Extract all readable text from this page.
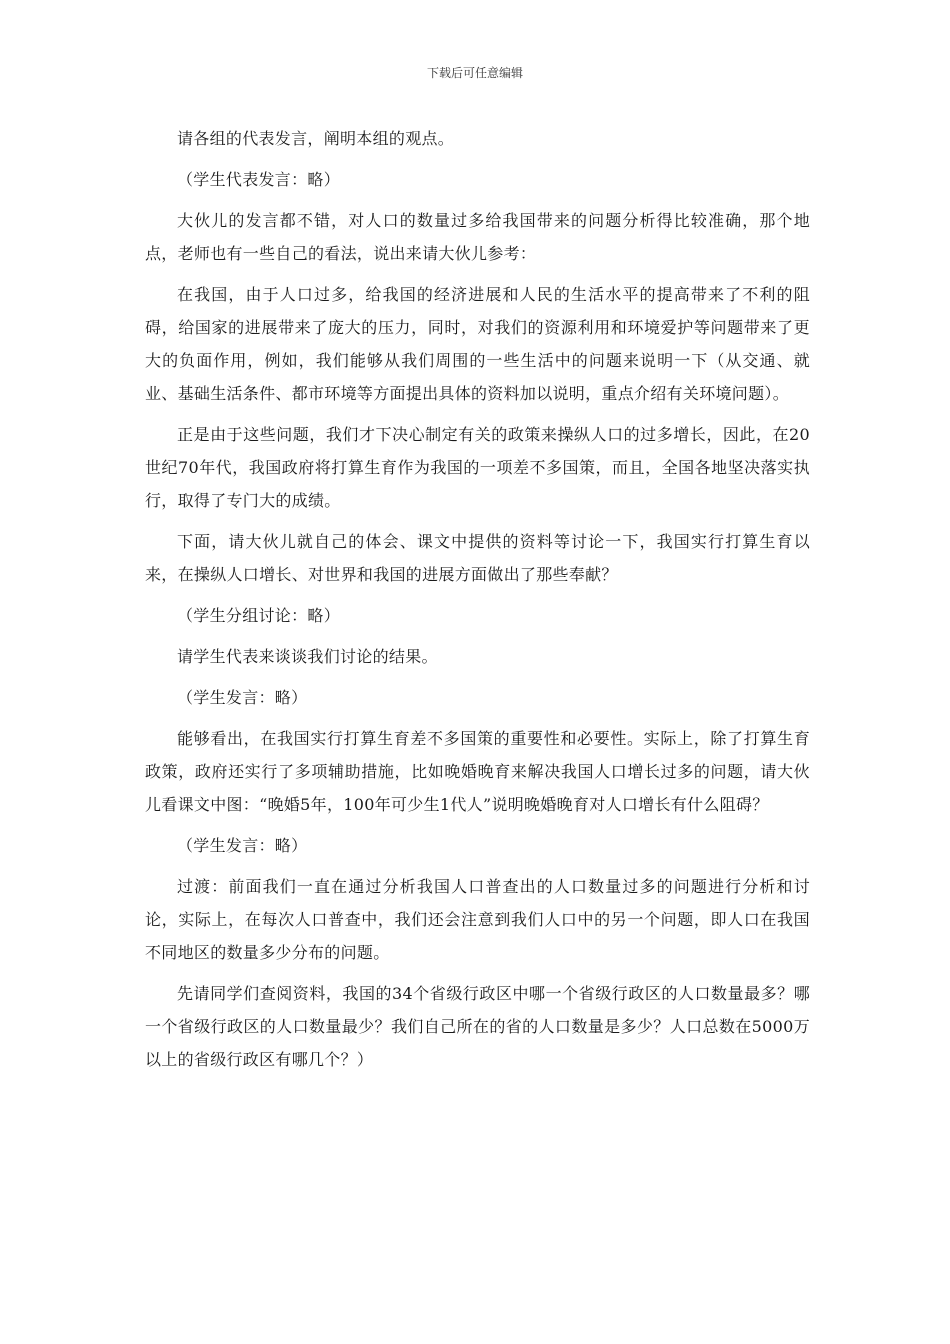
下载后可任意编辑

请各组的代表发言，阐明本组的观点。

（学生代表发言：略）

大伙儿的发言都不错，对人口的数量过多给我国带来的问题分析得比较准确，那个地点，老师也有一些自己的看法，说出来请大伙儿参考：

在我国，由于人口过多，给我国的经济进展和人民的生活水平的提高带来了不利的阻碍，给国家的进展带来了庞大的压力，同时，对我们的资源利用和环境爱护等问题带来了更大的负面作用，例如，我们能够从我们周围的一些生活中的问题来说明一下（从交通、就业、基础生活条件、都市环境等方面提出具体的资料加以说明，重点介绍有关环境问题）。

正是由于这些问题，我们才下决心制定有关的政策来操纵人口的过多增长，因此，在20世纪70年代，我国政府将打算生育作为我国的一项差不多国策，而且，全国各地坚决落实执行，取得了专门大的成绩。

下面，请大伙儿就自己的体会、课文中提供的资料等讨论一下，我国实行打算生育以来，在操纵人口增长、对世界和我国的进展方面做出了那些奉献？

（学生分组讨论：略）

请学生代表来谈谈我们讨论的结果。

（学生发言：略）

能够看出，在我国实行打算生育差不多国策的重要性和必要性。实际上，除了打算生育政策，政府还实行了多项辅助措施，比如晚婚晚育来解决我国人口增长过多的问题，请大伙儿看课文中图：“晚婚5年，100年可少生1代人”说明晚婚晚育对人口增长有什么阻碍？

（学生发言：略）

过渡：前面我们一直在通过分析我国人口普查出的人口数量过多的问题进行分析和讨论，实际上，在每次人口普查中，我们还会注意到我们人口中的另一个问题，即人口在我国不同地区的数量多少分布的问题。

先请同学们查阅资料，我国的34个省级行政区中哪一个省级行政区的人口数量最多？哪一个省级行政区的人口数量最少？我们自己所在的省的人口数量是多少？人口总数在5000万以上的省级行政区有哪几个？）
